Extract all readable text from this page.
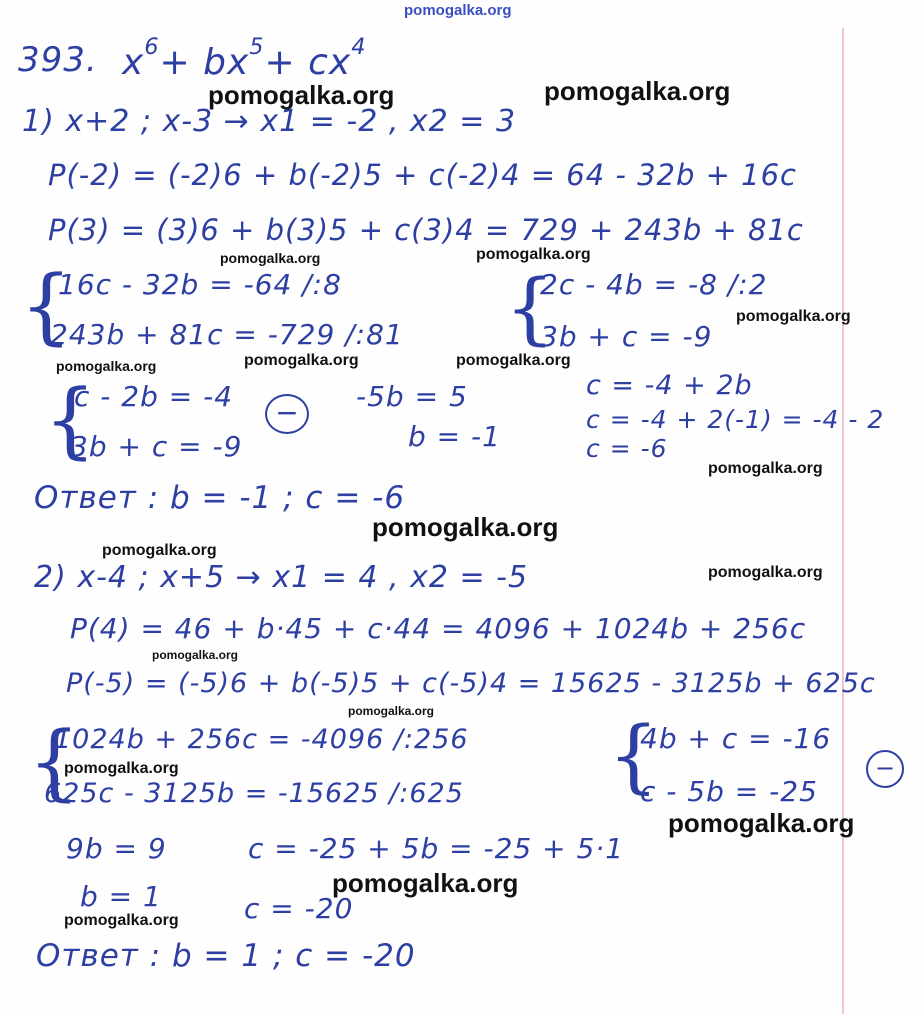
pomogalka.org
393. $x^6+ bx^5+ cx^4$
1) x+2 ; x-3 → x1 = -2 , x2 = 3
P(-2) = (-2)6 + b(-2)5 + c(-2)4 = 64 - 32b + 16c
P(3) = (3)6 + b(3)5 + c(3)4 = 729 + 243b + 81c
{
16c - 32b = -64 /:8
243b + 81c = -729 /:81 {
2c - 4b = -8 /:2
3b + c = -9
{
c - 2b = -4
3b + c = -9
−	-5b = 5
b = -1
c = -4 + 2b
c = -4 + 2(-1) = -4 - 2
c = -6
Ответ : b = -1 ; c = -6
2) x-4 ; x+5 → x1 = 4 , x2 = -5
P(4) = 46 + b·45 + c·44 = 4096 + 1024b + 256c
P(-5) = (-5)6 + b(-5)5 + c(-5)4 = 15625 - 3125b + 625c
{
1024b + 256c = -4096 /:256
625c - 3125b = -15625 /:625 {
4b + c = -16
c - 5b = -25
−
9b = 9
b = 1
c = -25 + 5b = -25 + 5·1
c = -20
Ответ : b = 1 ; c = -20
pomogalka.org	pomogalka.org
pomogalka.org	pomogalka.org
pomogalka.org
pomogalka.org	pomogalka.org
pomogalka.org
pomogalka.org
pomogalka.org
pomogalka.org
pomogalka.org
pomogalka.org
pomogalka.org
pomogalka.org
pomogalka.org
pomogalka.org
pomogalka.org
